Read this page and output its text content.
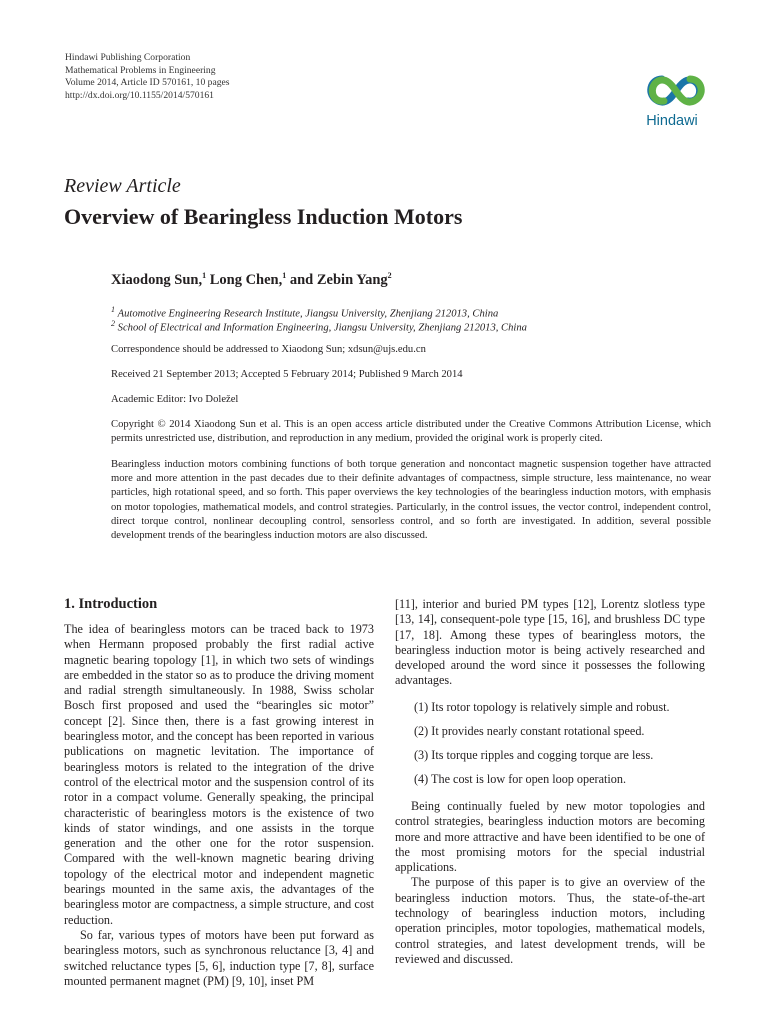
Hindawi Publishing Corporation
Mathematical Problems in Engineering
Volume 2014, Article ID 570161, 10 pages
http://dx.doi.org/10.1155/2014/570161
Hindawi
Review Article
Overview of Bearingless Induction Motors
Xiaodong Sun,$^1$ Long Chen,$^1$ and Zebin Yang$^2$
$^1$ Automotive Engineering Research Institute, Jiangsu University, Zhenjiang 212013, China
$^2$ School of Electrical and Information Engineering, Jiangsu University, Zhenjiang 212013, China
Correspondence should be addressed to Xiaodong Sun; xdsun@ujs.edu.cn
Received 21 September 2013; Accepted 5 February 2014; Published 9 March 2014
Academic Editor: Ivo Doležel
Copyright © 2014 Xiaodong Sun et al. This is an open access article distributed under the Creative Commons Attribution License, which permits unrestricted use, distribution, and reproduction in any medium, provided the original work is properly cited.
Bearingless induction motors combining functions of both torque generation and noncontact magnetic suspension together have attracted more and more attention in the past decades due to their definite advantages of compactness, simple structure, less maintenance, no wear particles, high rotational speed, and so forth. This paper overviews the key technologies of the bearingless induction motors, with emphasis on motor topologies, mathematical models, and control strategies. Particularly, in the control issues, the vector control, independent control, direct torque control, nonlinear decoupling control, sensorless control, and so forth are investigated. In addition, several possible development trends of the bearingless induction motors are also discussed.
1. Introduction

The idea of bearingless motors can be traced back to 1973 when Hermann proposed probably the first radial active magnetic bearing topology [1], in which two sets of windings are embedded in the stator so as to produce the driving moment and radial strength simultaneously. In 1988, Swiss scholar Bosch first proposed and used the “bearingles sic motor” concept [2]. Since then, there is a fast growing interest in bearingless motor, and the concept has been reported in various publications on magnetic levitation. The importance of bearingless motors is related to the integration of the drive control of the electrical motor and the suspension control of its rotor in a compact volume. Generally speaking, the principal characteristic of bearingless motors is the existence of two kinds of stator windings, and one assists in the torque generation and the other one for the rotor suspension. Compared with the well-known magnetic bearing driving topology of the electrical motor and independent magnetic bearings mounted in the same axis, the advantages of the bearingless motor are compactness, a simple structure, and cost reduction.

So far, various types of motors have been put forward as bearingless motors, such as synchronous reluctance [3, 4] and switched reluctance types [5, 6], induction type [7, 8], surface mounted permanent magnet (PM) [9, 10], inset PM

[11], interior and buried PM types [12], Lorentz slotless type [13, 14], consequent-pole type [15, 16], and brushless DC type [17, 18]. Among these types of bearingless motors, the bearingless induction motor is being actively researched and developed around the word since it possesses the following advantages.

(1) Its rotor topology is relatively simple and robust.
(2) It provides nearly constant rotational speed.
(3) Its torque ripples and cogging torque are less.
(4) The cost is low for open loop operation.

Being continually fueled by new motor topologies and control strategies, bearingless induction motors are becoming more and more attractive and have been identified to be one of the most promising motors for the special industrial applications.

The purpose of this paper is to give an overview of the bearingless induction motors. Thus, the state-of-the-art technology of bearingless induction motors, including operation principles, motor topologies, mathematical models, control strategies, and latest development trends, will be reviewed and discussed.
